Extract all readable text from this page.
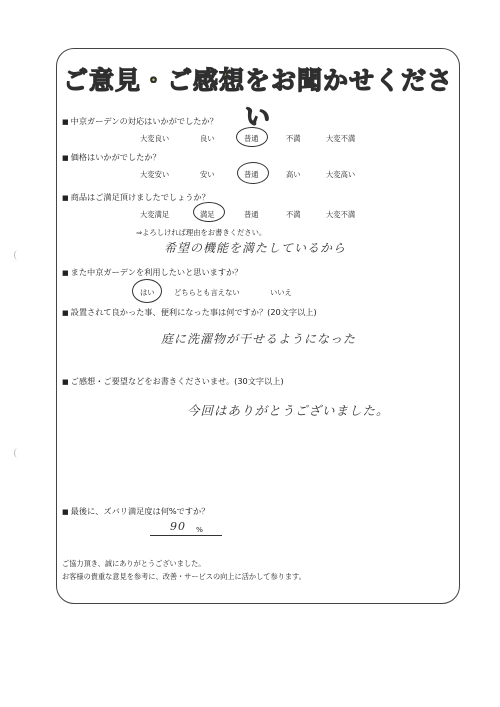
ご意見・ご感想をお聞かせください
■ 中京ガーデンの対応はいかがでしたか？
大変良い	良い	普通	不満	大変不満
■ 価格はいかがでしたか？
大変安い	安い	普通	高い	大変高い
■ 商品はご満足頂けましたでしょうか？
大変満足	満足	普通	不満	大変不満
⇒よろしければ理由をお書きください。
希望の機能を満たしているから
■ また中京ガーデンを利用したいと思いますか？
はい	どちらとも言えない	いいえ
■ 設置されて良かった事、便利になった事は何ですか？(20文字以上)
庭に洗濯物が干せるようになった
■ ご感想・ご要望などをお書きくださいませ。(30文字以上)
今回はありがとうございました。
■ 最後に、ズバリ満足度は何%ですか？
90 %
ご協力頂き、誠にありがとうございました。
お客様の貴重な意見を参考に、改善・サービスの向上に活かして参ります。
